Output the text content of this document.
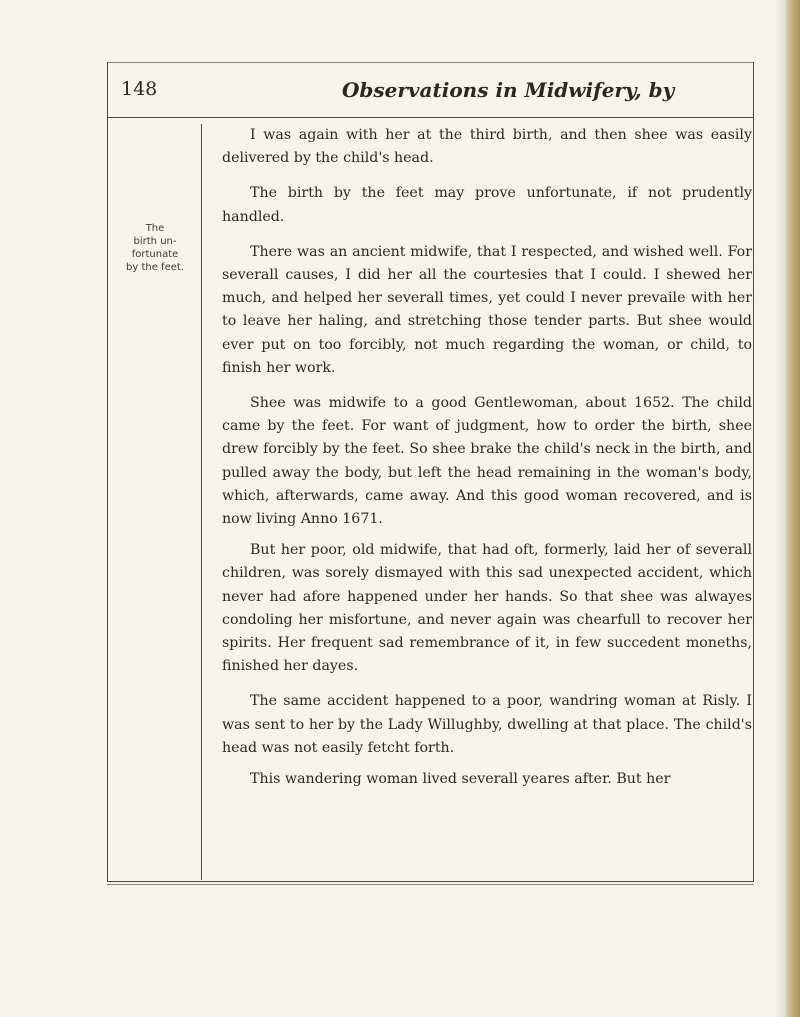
148	Observations in Midwifery, by
The
birth un-
fortunate
by the feet.

I was again with her at the third birth, and then shee was easily delivered by the child's head.

The birth by the feet may prove unfortunate, if not prudently handled.

There was an ancient midwife, that I respected, and wished well. For severall causes, I did her all the courtesies that I could. I shewed her much, and helped her severall times, yet could I never prevaile with her to leave her haling, and stretching those tender parts. But shee would ever put on too forcibly, not much regarding the woman, or child, to finish her work.

Shee was midwife to a good Gentlewoman, about 1652. The child came by the feet. For want of judgment, how to order the birth, shee drew forcibly by the feet. So shee brake the child's neck in the birth, and pulled away the body, but left the head remaining in the woman's body, which, afterwards, came away. And this good woman recovered, and is now living Anno 1671.

But her poor, old midwife, that had oft, formerly, laid her of severall children, was sorely dismayed with this sad unexpected accident, which never had afore happened under her hands. So that shee was alwayes condoling her misfortune, and never again was chearfull to recover her spirits. Her frequent sad remembrance of it, in few succedent moneths, finished her dayes.

The same accident happened to a poor, wandring woman at Risly. I was sent to her by the Lady Willughby, dwelling at that place. The child's head was not easily fetcht forth.

This wandering woman lived severall yeares after. But her
